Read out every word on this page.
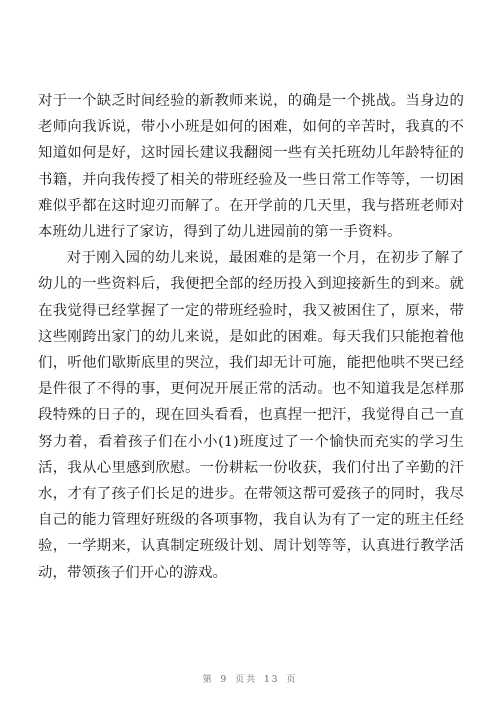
对于一个缺乏时间经验的新教师来说，的确是一个挑战。当身边的老师向我诉说，带小小班是如何的困难，如何的辛苦时，我真的不知道如何是好，这时园长建议我翻阅一些有关托班幼儿年龄特征的书籍，并向我传授了相关的带班经验及一些日常工作等等，一切困难似乎都在这时迎刃而解了。在开学前的几天里，我与搭班老师对本班幼儿进行了家访，得到了幼儿进园前的第一手资料。

对于刚入园的幼儿来说，最困难的是第一个月，在初步了解了幼儿的一些资料后，我便把全部的经历投入到迎接新生的到来。就在我觉得已经掌握了一定的带班经验时，我又被困住了，原来，带这些刚跨出家门的幼儿来说，是如此的困难。每天我们只能抱着他们，听他们歇斯底里的哭泣，我们却无计可施，能把他哄不哭已经是件很了不得的事，更何况开展正常的活动。也不知道我是怎样那段特殊的日子的，现在回头看看，也真捏一把汗，我觉得自己一直努力着，看着孩子们在小小(1)班度过了一个愉快而充实的学习生活，我从心里感到欣慰。一份耕耘一份收获，我们付出了辛勤的汗水，才有了孩子们长足的进步。在带领这帮可爱孩子的同时，我尽自己的能力管理好班级的各项事物，我自认为有了一定的班主任经验，一学期来，认真制定班级计划、周计划等等，认真进行教学活动，带领孩子们开心的游戏。

第 9 页共 13 页
